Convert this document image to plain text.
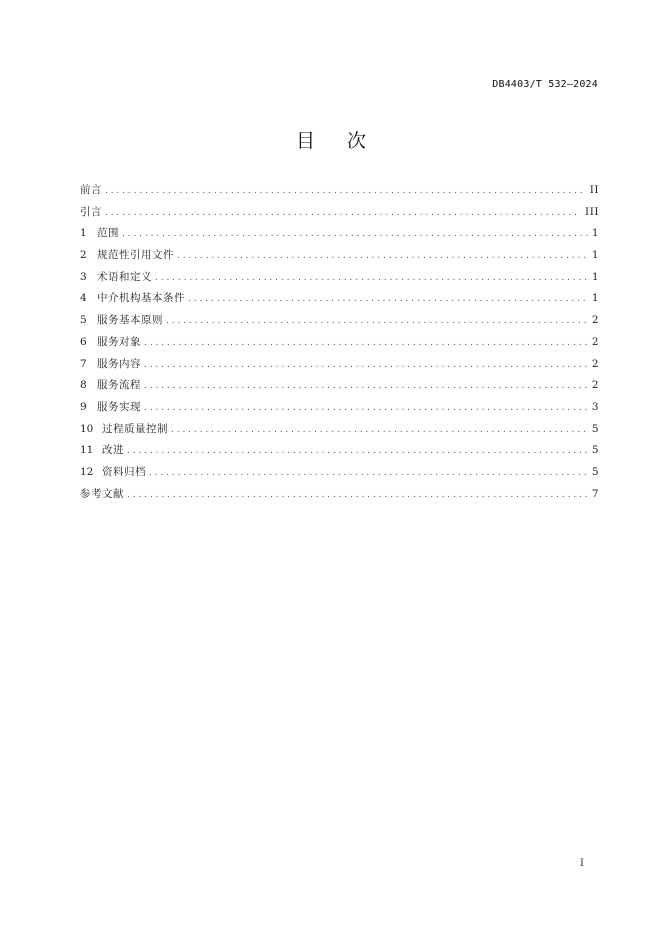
DB4403/T 532—2024
目次
前言 . . .	II
引言 . . .	III
1 范围 . . .	1
2 规范性引用文件 . . .	1
3 术语和定义 . . .	1
4 中介机构基本条件 . . .	1
5 服务基本原则 . . .	2
6 服务对象 . . .	2
7 服务内容 . . .	2
8 服务流程 . . .	2
9 服务实现 . . .	3
10 过程质量控制 . . .	5
11 改进 . . .	5
12 资料归档 . . .	5
参考文献 . . .	7
I
